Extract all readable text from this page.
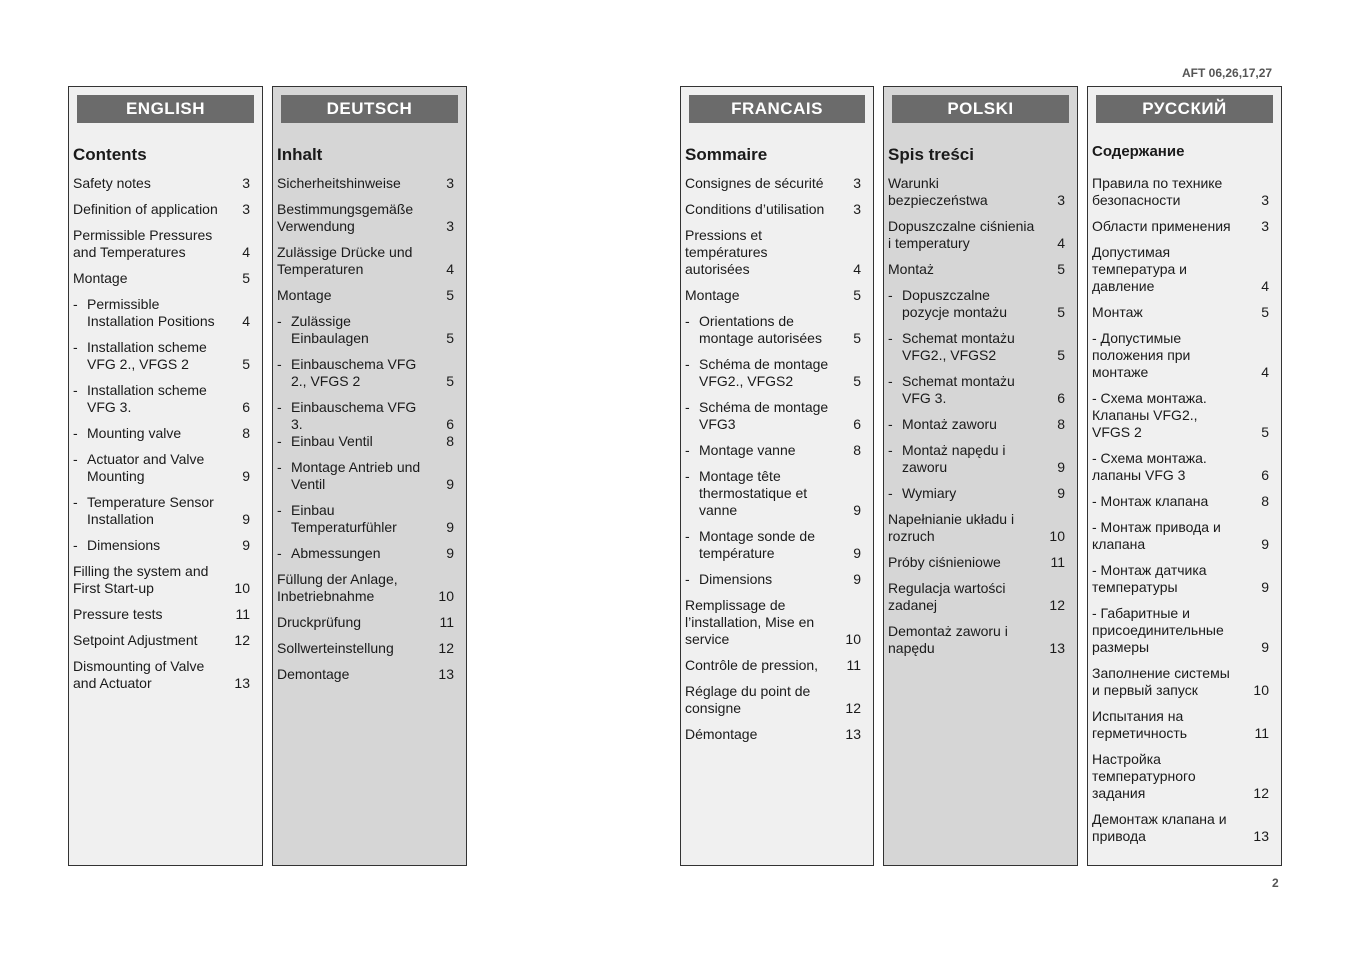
AFT 06,26,17,27
ENGLISH
Contents
Safety notes	3
Definition of application	3
Permissible Pressures and Temperatures	4
Montage	5
- Permissible Installation Positions	4
- Installation scheme VFG 2., VFGS 2	5
- Installation scheme VFG 3.	6
- Mounting valve	8
- Actuator and Valve Mounting	9
- Temperature Sensor Installation	9
- Dimensions	9
Filling the system and First Start-up	10
Pressure tests	11
Setpoint Adjustment	12
Dismounting of Valve and Actuator	13
DEUTSCH
Inhalt
Sicherheitshinweise	3
Bestimmungsgemäße Verwendung	3
Zulässige Drücke und Temperaturen	4
Montage	5
- Zulässige Einbaulagen	5
- Einbauschema VFG 2., VFGS 2	5
- Einbauschema VFG 3.	6
- Einbau Ventil	8
- Montage Antrieb und Ventil	9
- Einbau Temperaturfühler	9
- Abmessungen	9
Füllung der Anlage, Inbetriebnahme	10
Druckprüfung	11
Sollwerteinstellung	12
Demontage	13
FRANCAIS
Sommaire
Consignes de sécurité	3
Conditions d’utilisation	3
Pressions et températures autorisées	4
Montage	5
- Orientations de montage autorisées	5
- Schéma de montage VFG2., VFGS2	5
- Schéma de montage VFG3	6
- Montage vanne	8
- Montage tête thermostatique et vanne	9
- Montage sonde de température	9
- Dimensions	9
Remplissage de l’installation, Mise en service	10
Contrôle de pression,	11
Réglage du point de consigne	12
Démontage	13
POLSKI
Spis treści
Warunki bezpieczeństwa	3
Dopuszczalne ciśnienia i temperatury	4
Montaż	5
- Dopuszczalne pozycje montażu	5
- Schemat montażu VFG2., VFGS2	5
- Schemat montażu VFG 3.	6
- Montaż zaworu	8
- Montaż napędu i zaworu	9
- Wymiary	9
Napełnianie układu i rozruch	10
Próby ciśnieniowe	11
Regulacja wartości zadanej	12
Demontaż zaworu i napędu	13
РУССКИЙ
Содержание
Правила по технике безопасности	3
Области применения	3
Допустимая температура и давление	4
Монтаж	5
- Допустимые положения при монтаже	4
- Схема монтажа. Клапаны VFG2., VFGS 2	5
- Схема монтажа. лапаны VFG 3	6
- Монтаж клапана	8
- Монтаж привода и клапана	9
- Монтаж датчика температуры	9
- Габаритные и присоединительные размеры	9
Заполнение системы и первый запуск	10
Испытания на герметичность	11
Настройка температурного задания	12
Демонтаж клапана и привода	13
2
